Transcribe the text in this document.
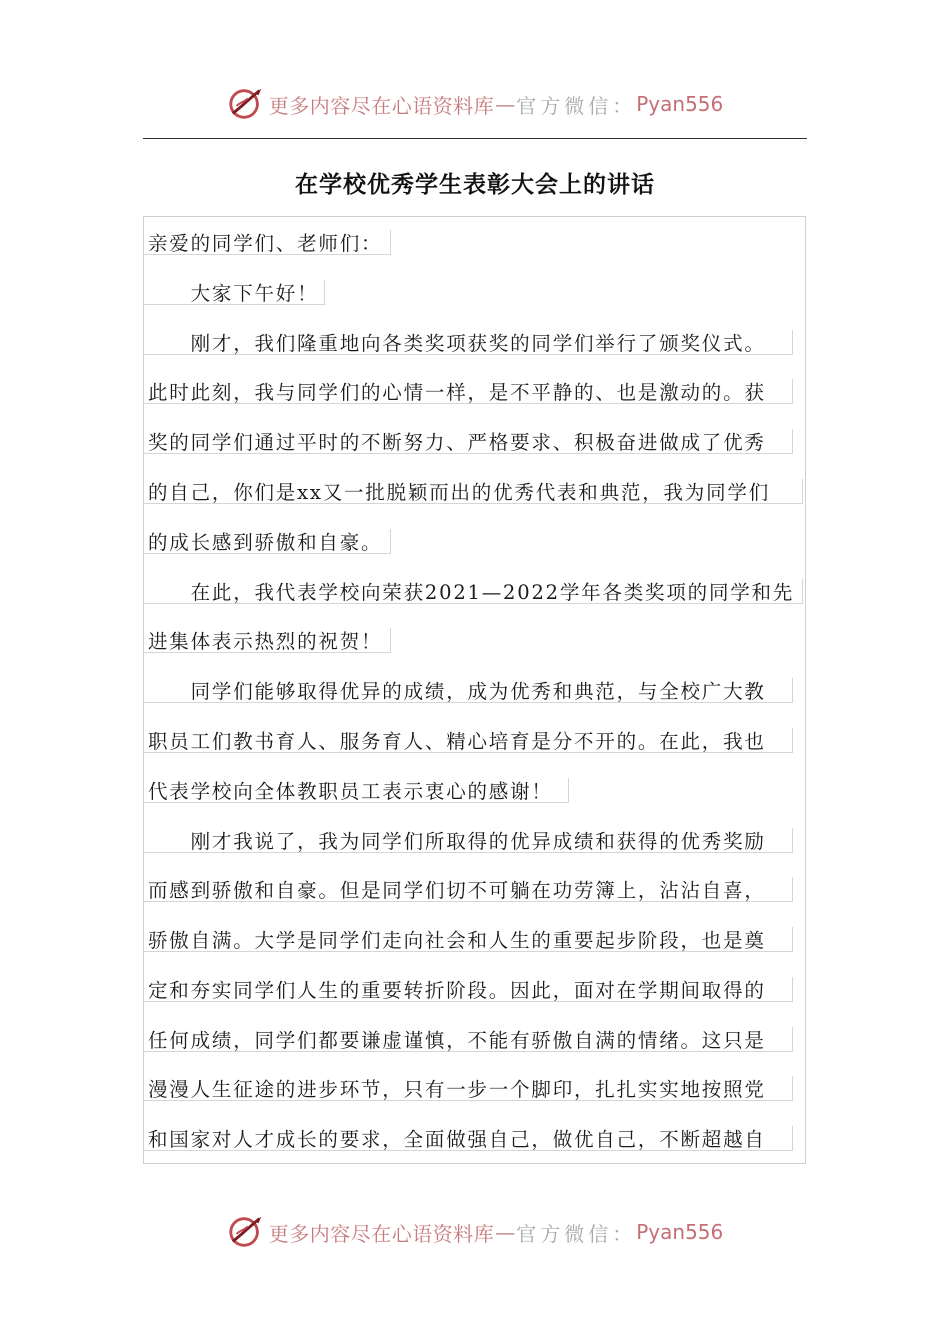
更多内容尽在心语资料库 — 官方微信： Pyan556
在学校优秀学生表彰大会上的讲话
亲爱的同学们、老师们：
　　大家下午好！
　　刚才，我们隆重地向各类奖项获奖的同学们举行了颁奖仪式。
此时此刻，我与同学们的心情一样，是不平静的、也是激动的。获
奖的同学们通过平时的不断努力、严格要求、积极奋进做成了优秀
的自己，你们是xx又一批脱颖而出的优秀代表和典范，我为同学们
的成长感到骄傲和自豪。
　　在此，我代表学校向荣获2021—2022学年各类奖项的同学和先
进集体表示热烈的祝贺！
　　同学们能够取得优异的成绩，成为优秀和典范，与全校广大教
职员工们教书育人、服务育人、精心培育是分不开的。在此，我也
代表学校向全体教职员工表示衷心的感谢！
　　刚才我说了，我为同学们所取得的优异成绩和获得的优秀奖励
而感到骄傲和自豪。但是同学们切不可躺在功劳簿上，沾沾自喜，
骄傲自满。大学是同学们走向社会和人生的重要起步阶段，也是奠
定和夯实同学们人生的重要转折阶段。因此，面对在学期间取得的
任何成绩，同学们都要谦虚谨慎，不能有骄傲自满的情绪。这只是
漫漫人生征途的进步环节，只有一步一个脚印，扎扎实实地按照党
和国家对人才成长的要求，全面做强自己，做优自己，不断超越自
更多内容尽在心语资料库 — 官方微信： Pyan556
